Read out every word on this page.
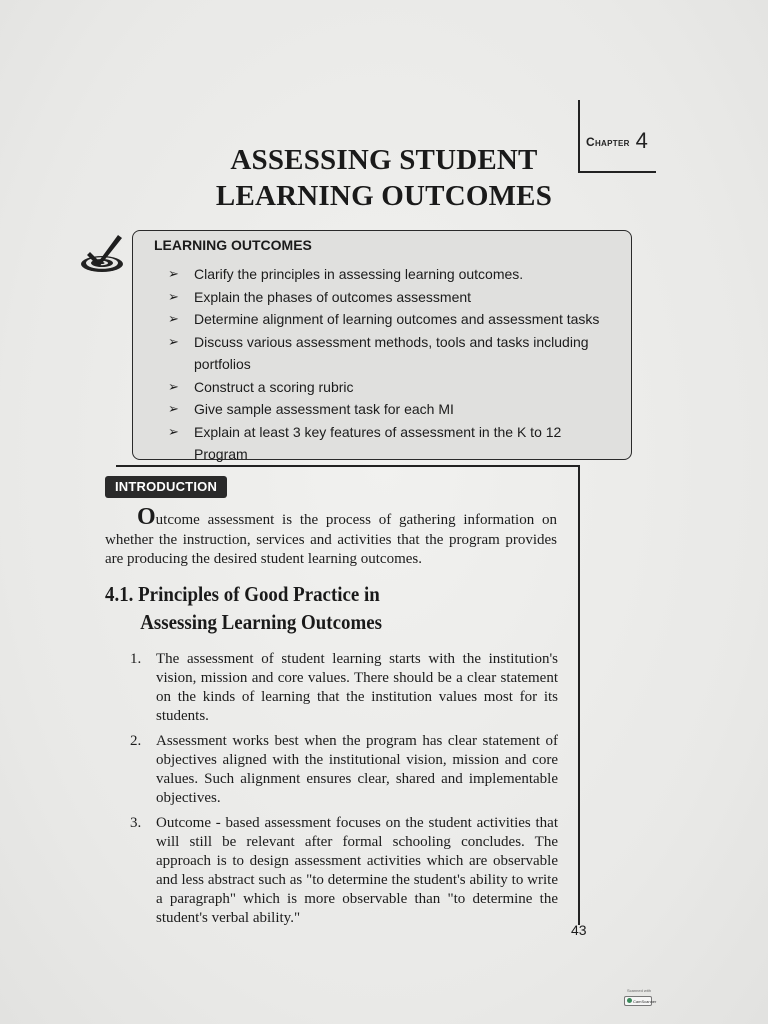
Chapter 4
ASSESSING STUDENT
LEARNING OUTCOMES
LEARNING OUTCOMES
➢ Clarify the principles in assessing learning outcomes.
➢ Explain the phases of outcomes assessment
➢ Determine alignment of learning outcomes and assessment tasks
➢ Discuss various assessment methods, tools and tasks including portfolios
➢ Construct a scoring rubric
➢ Give sample assessment task for each MI
➢ Explain at least 3 key features of assessment in the K to 12 Program
INTRODUCTION

Outcome assessment is the process of gathering information on whether the instruction, services and activities that the program provides are producing the desired student learning outcomes.

4.1. Principles of Good Practice in
Assessing Learning Outcomes
1. The assessment of student learning starts with the institution's vision, mission and core values. There should be a clear statement on the kinds of learning that the institution values most for its students.
2. Assessment works best when the program has clear statement of objectives aligned with the institutional vision, mission and core values. Such alignment ensures clear, shared and implementable objectives.
3. Outcome - based assessment focuses on the student activities that will still be relevant after formal schooling concludes. The approach is to design assessment activities which are observable and less abstract such as "to determine the student's ability to write a paragraph" which is more observable than "to determine the student's verbal ability."
43
Scanned with
CamScanner
